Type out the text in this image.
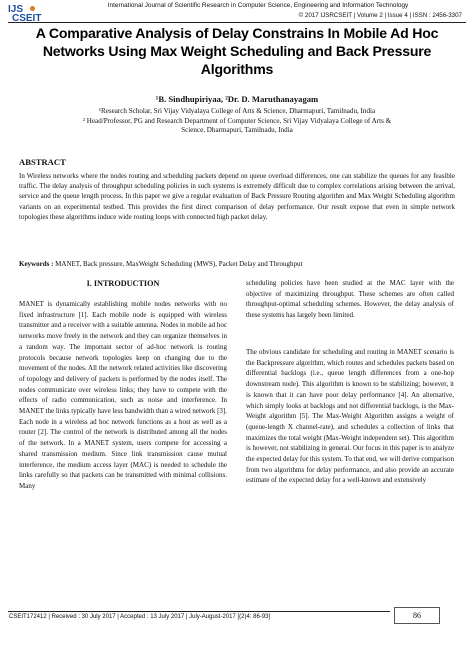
IJS
CSEIT
International Journal of Scientific Research in Computer Science, Engineering and Information Technology
© 2017 IJSRCSEIT | Volume 2 | Issue 4 | ISSN : 2456-3307
A Comparative Analysis of Delay Constrains In Mobile Ad Hoc Networks Using Max Weight Scheduling and Back Pressure Algorithms
¹B. Sindhupiriyaa, ²Dr. D. Maruthanayagam
¹Research Scholar, Sri Vijay Vidyalaya College of Arts & Science, Dharmapuri, Tamilnadu, India
² Head/Professor, PG and Research Department of Computer Science, Sri Vijay Vidyalaya College of Arts &
Science, Dharmapuri, Tamilnadu, India
ABSTRACT
In Wireless networks where the nodes routing and scheduling packets depend on queue overload differences, one can stabilize the queues for any feasible traffic. The delay analysis of throughput scheduling policies in such systems is extremely difficult due to complex correlations arising between the arrival, service and the queue length process. In this paper we give a regular evaluation of Back Pressure Routing algorithm and Max Weight Scheduling algorithm variants on an experimental testbed. This provides the first direct comparison of delay performance. Our result expose that even in simple network topologies these algorithms induce wide routing loops with connected high packet delay.
Keywords : MANET, Back pressure, MaxWeight Scheduling (MWS), Packet Delay and Throughput
I. INTRODUCTION
MANET is dynamically establishing mobile nodes networks with no fixed infrastructure [1]. Each mobile node is equipped with wireless transmitter and a receiver with a suitable antenna. Nodes in mobile ad hoc networks move freely in the network and they can organize themselves in a random way. The important sector of ad-hoc network is routing protocols because network topologies keep on changing due to the movement of the nodes. All the network related activities like discovering of topology and delivery of packets is performed by the nodes itself. The nodes communicate over wireless links; they have to compete with the effects of radio communication, such as noise and interference. In MANET the links typically have less bandwidth than a wired network [3]. Each node in a wireless ad hoc network functions as a host as well as a router [2]. The control of the network is distributed among all the nodes of the network. In a MANET system, users compete for accessing a shared transmission medium. Since link transmission cause mutual interference, the medium access layer (MAC) is needed to schedule the links carefully so that packets can be transmitted with minimal collisions. Many
scheduling policies have been studied at the MAC layer with the objective of maximizing throughput. These schemes are often called throughput-optimal scheduling schemes. However, the delay analysis of these systems has largely been limited.
The obvious candidate for scheduling and routing in MANET scenario is the Backpressure algorithm, which routes and schedules packets based on differential backlogs (i.e., queue length differences from a one-hop downstream node). This algorithm is known to be stabilizing; however, it is known that it can have poor delay performance [4]. An alternative, which simply looks at backlogs and not differential backlogs, is the Max-Weight algorithm [5]. The Max-Weight Algorithm assigns a weight of (queue-length X channel-rate), and schedules a collection of links that maximizes the total weight (Max-Weight independent set). This algorithm is however, not stabilizing in general. Our focus in this paper is to analyze the expected delay for this system. To that end, we will derive comparison from two algorithms for delay performance, and also provide an accurate estimate of the expected delay for a well-known and extensively
CSEIT172412 | Received : 30 July 2017 | Accepted : 13 July 2017 | July-August-2017 [(2)4: 86-93]	86
